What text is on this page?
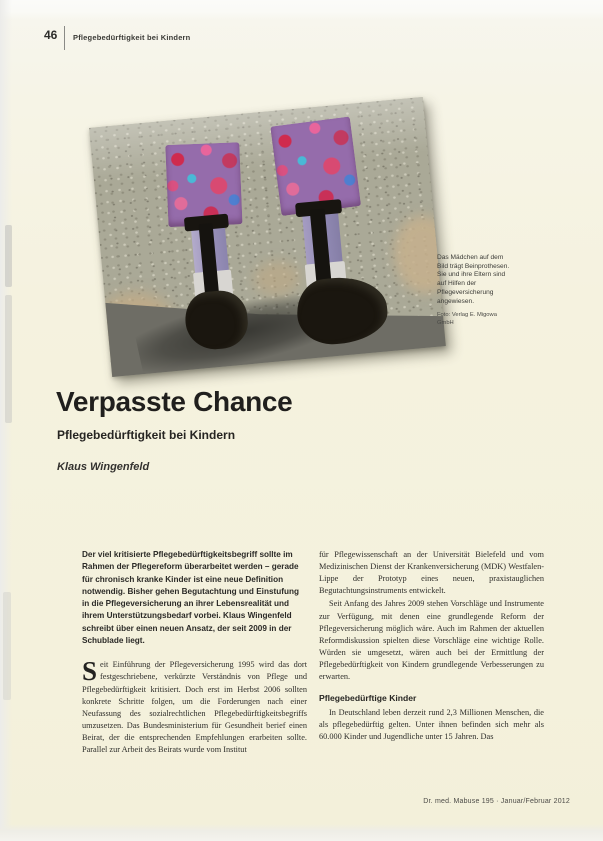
46 Pflegebedürftigkeit bei Kindern
Das Mädchen auf dem Bild trägt Beinprothesen. Sie und ihre Eltern sind auf Hilfen der Pflegeversicherung angewiesen.
Foto: Verlag E. Migowa GmbH
Verpasste Chance
Pflegebedürftigkeit bei Kindern
Klaus Wingenfeld

Der viel kritisierte Pflegebedürftigkeitsbegriff sollte im Rahmen der Pflegereform überarbeitet werden – gerade für chronisch kranke Kinder ist eine neue Definition notwendig. Bisher gehen Begutachtung und Einstufung in die Pflegeversicherung an ihrer Lebensrealität und ihrem Unterstützungsbedarf vorbei. Klaus Wingenfeld schreibt über einen neuen Ansatz, der seit 2009 in der Schublade liegt.

Seit Einführung der Pflegeversicherung 1995 wird das dort festgeschriebene, verkürzte Verständnis von Pflege und Pflegebedürftigkeit kritisiert. Doch erst im Herbst 2006 sollten konkrete Schritte folgen, um die Forderungen nach einer Neufassung des sozialrechtlichen Pflegebedürftigkeitsbegriffs umzusetzen. Das Bundesministerium für Gesundheit berief einen Beirat, der die entsprechenden Empfehlungen erarbeiten sollte. Parallel zur Arbeit des Beirats wurde vom Institut

für Pflegewissenschaft an der Universität Bielefeld und vom Medizinischen Dienst der Krankenversicherung (MDK) Westfalen-Lippe der Prototyp eines neuen, praxistauglichen Begutachtungsinstruments entwickelt.

Seit Anfang des Jahres 2009 stehen Vorschläge und Instrumente zur Verfügung, mit denen eine grundlegende Reform der Pflegeversicherung möglich wäre. Auch im Rahmen der aktuellen Reformdiskussion spielten diese Vorschläge eine wichtige Rolle. Würden sie umgesetzt, wären auch bei der Ermittlung der Pflegebedürftigkeit von Kindern grundlegende Verbesserungen zu erwarten.

Pflegebedürftige Kinder

In Deutschland leben derzeit rund 2,3 Millionen Menschen, die als pflegebedürftig gelten. Unter ihnen befinden sich mehr als 60.000 Kinder und Jugendliche unter 15 Jahren. Das

Dr. med. Mabuse 195 · Januar/Februar 2012
